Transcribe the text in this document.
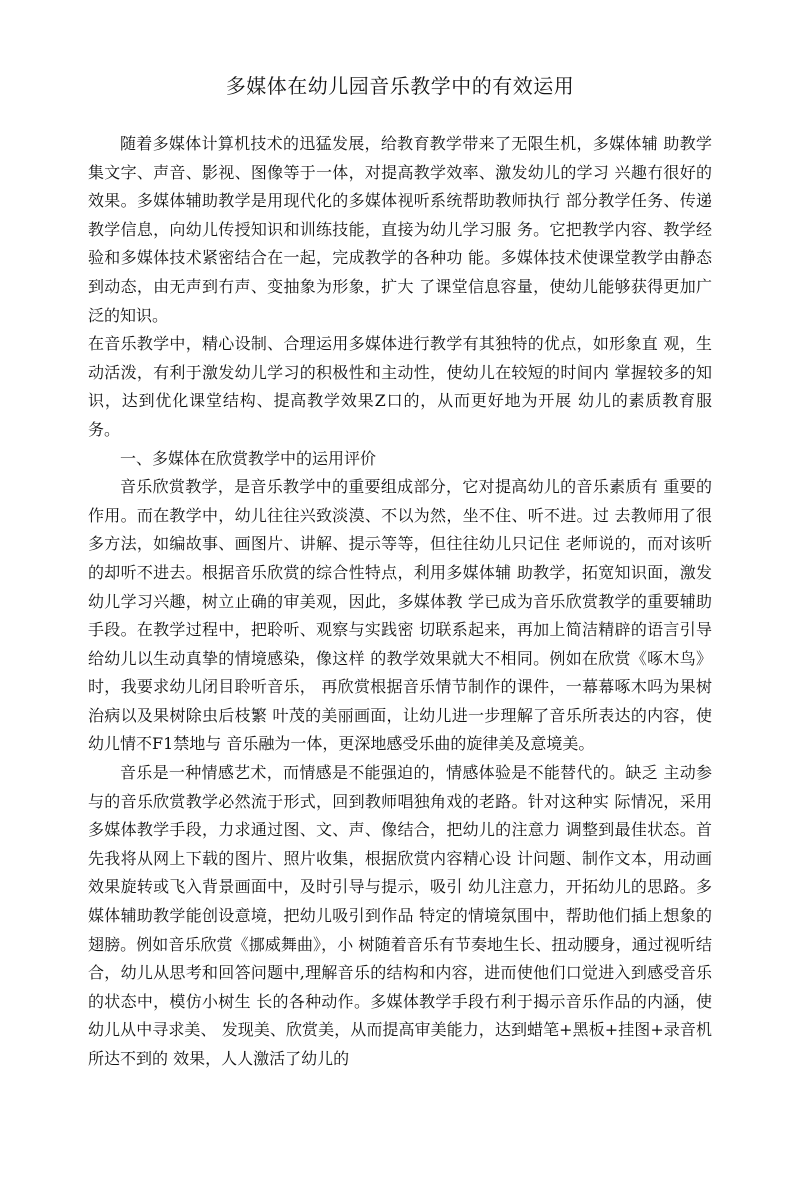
多媒体在幼儿园音乐教学中的有效运用

随着多媒体计算机技术的迅猛发展，给教育教学带来了无限生机，多媒体辅 助教学集文字、声音、影视、图像等于一体，对提高教学效率、激发幼儿的学习 兴趣冇很好的效果。多媒体辅助教学是用现代化的多媒体视听系统帮助教师执行 部分教学任务、传递教学信息，向幼儿传授知识和训练技能，直接为幼儿学习服 务。它把教学内容、教学经验和多媒体技术紧密结合在一起，完成教学的各种功 能。多媒体技术使课堂教学由静态到动态，由无声到冇声、变抽象为形象，扩大 了课堂信息容量，使幼儿能够获得更加广泛的知识。

在音乐教学中，精心设制、合理运用多媒体进行教学有其独特的优点，如形象直 观，生动活泼，有利于激发幼儿学习的积极性和主动性，使幼儿在较短的时间内 掌握较多的知识，达到优化课堂结构、提高教学效果Z口的，从而更好地为开展 幼儿的素质教育服务。

一、多媒体在欣赏教学中的运用评价

音乐欣赏教学，是音乐教学中的重要组成部分，它对提高幼儿的音乐素质有 重要的作用。而在教学中，幼儿往往兴致淡漠、不以为然，坐不住、听不进。过 去教师用了很多方法，如编故事、画图片、讲解、提示等等，但往往幼儿只记住 老师说的，而对该听的却听不进去。根据音乐欣赏的综合性特点，利用多媒体辅 助教学，拓宽知识面，激发幼儿学习兴趣，树立止确的审美观，因此，多媒体教 学已成为音乐欣赏教学的重要辅助手段。在教学过程中，把聆听、观察与实践密 切联系起来，再加上简洁精辟的语言引导给幼儿以生动真挚的情境感染，像这样 的教学效果就大不相同。例如在欣赏《啄木鸟》时，我要求幼儿闭目聆听音乐， 再欣赏根据音乐情节制作的课件，一幕幕啄木吗为果树治病以及果树除虫后枝繁 叶茂的美丽画面，让幼儿进一步理解了音乐所表达的内容，使幼儿情不F1禁地与 音乐融为一体，更深地感受乐曲的旋律美及意境美。

音乐是一种情感艺术，而情感是不能强迫的，情感体验是不能替代的。缺乏 主动参与的音乐欣赏教学必然流于形式，回到教师唱独角戏的老路。针对这种实 际情况，采用多媒体教学手段，力求通过图、文、声、像结合，把幼儿的注意力 调整到最佳状态。首先我将从网上下载的图片、照片收集，根据欣赏内容精心设 计问题、制作文本，用动画效果旋转或飞入背景画面中，及时引导与提示，吸引 幼儿注意力，开拓幼儿的思路。多媒体辅助教学能创设意境，把幼儿吸引到作品 特定的情境氛围中，帮助他们插上想象的翅膀。例如音乐欣赏《挪威舞曲》，小 树随着音乐有节奏地生长、扭动腰身，通过视听结合，幼儿从思考和回答问题中,理解音乐的结构和内容，进而使他们口觉进入到感受音乐的状态中，模仿小树生 长的各种动作。多媒体教学手段冇利于揭示音乐作品的内涵，使幼儿从中寻求美、 发现美、欣赏美，从而提高审美能力，达到蜡笔+黑板+挂图+录音机所达不到的 效果，人人激活了幼儿的
